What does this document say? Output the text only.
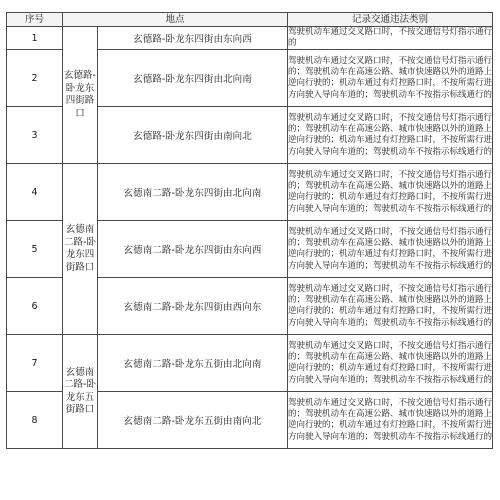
序号	地点		记录交通违法类别
1	玄德路-卧龙东四街路口	玄德路-卧龙东四街由东向西	驾驶机动车通过交叉路口时，不按交通信号灯指示通行的
2		玄德路-卧龙东四街由北向南	驾驶机动车通过交叉路口时，不按交通信号灯指示通行的；驾驶机动车在高速公路、城市快速路以外的道路上逆向行驶的；机动车通过有灯控路口时，不按所需行进方向驶入导向车道的；驾驶机动车不按指示标线通行的
3		玄德路-卧龙东四街由南向北	驾驶机动车通过交叉路口时，不按交通信号灯指示通行的；驾驶机动车在高速公路、城市快速路以外的道路上逆向行驶的；机动车通过有灯控路口时，不按所需行进方向驶入导向车道的；驾驶机动车不按指示标线通行的
4	玄德南二路-卧龙东四街路口	玄德南二路-卧龙东四街由北向南	驾驶机动车通过交叉路口时，不按交通信号灯指示通行的；驾驶机动车在高速公路、城市快速路以外的道路上逆向行驶的；机动车通过有灯控路口时，不按所需行进方向驶入导向车道的；驾驶机动车不按指示标线通行的
5		玄德南二路-卧龙东四街由东向西	驾驶机动车通过交叉路口时，不按交通信号灯指示通行的；驾驶机动车在高速公路、城市快速路以外的道路上逆向行驶的；机动车通过有灯控路口时，不按所需行进方向驶入导向车道的；驾驶机动车不按指示标线通行的
6		玄德南二路-卧龙东四街由西向东	驾驶机动车通过交叉路口时，不按交通信号灯指示通行的；驾驶机动车在高速公路、城市快速路以外的道路上逆向行驶的；机动车通过有灯控路口时，不按所需行进方向驶入导向车道的；驾驶机动车不按指示标线通行的
7	玄德南二路-卧龙东五街路口	玄德南二路-卧龙东五街由北向南	驾驶机动车通过交叉路口时，不按交通信号灯指示通行的；驾驶机动车在高速公路、城市快速路以外的道路上逆向行驶的；机动车通过有灯控路口时，不按所需行进方向驶入导向车道的；驾驶机动车不按指示标线通行的
8		玄德南二路-卧龙东五街由南向北	驾驶机动车通过交叉路口时，不按交通信号灯指示通行的；驾驶机动车在高速公路、城市快速路以外的道路上逆向行驶的；机动车通过有灯控路口时，不按所需行进方向驶入导向车道的；驾驶机动车不按指示标线通行的
